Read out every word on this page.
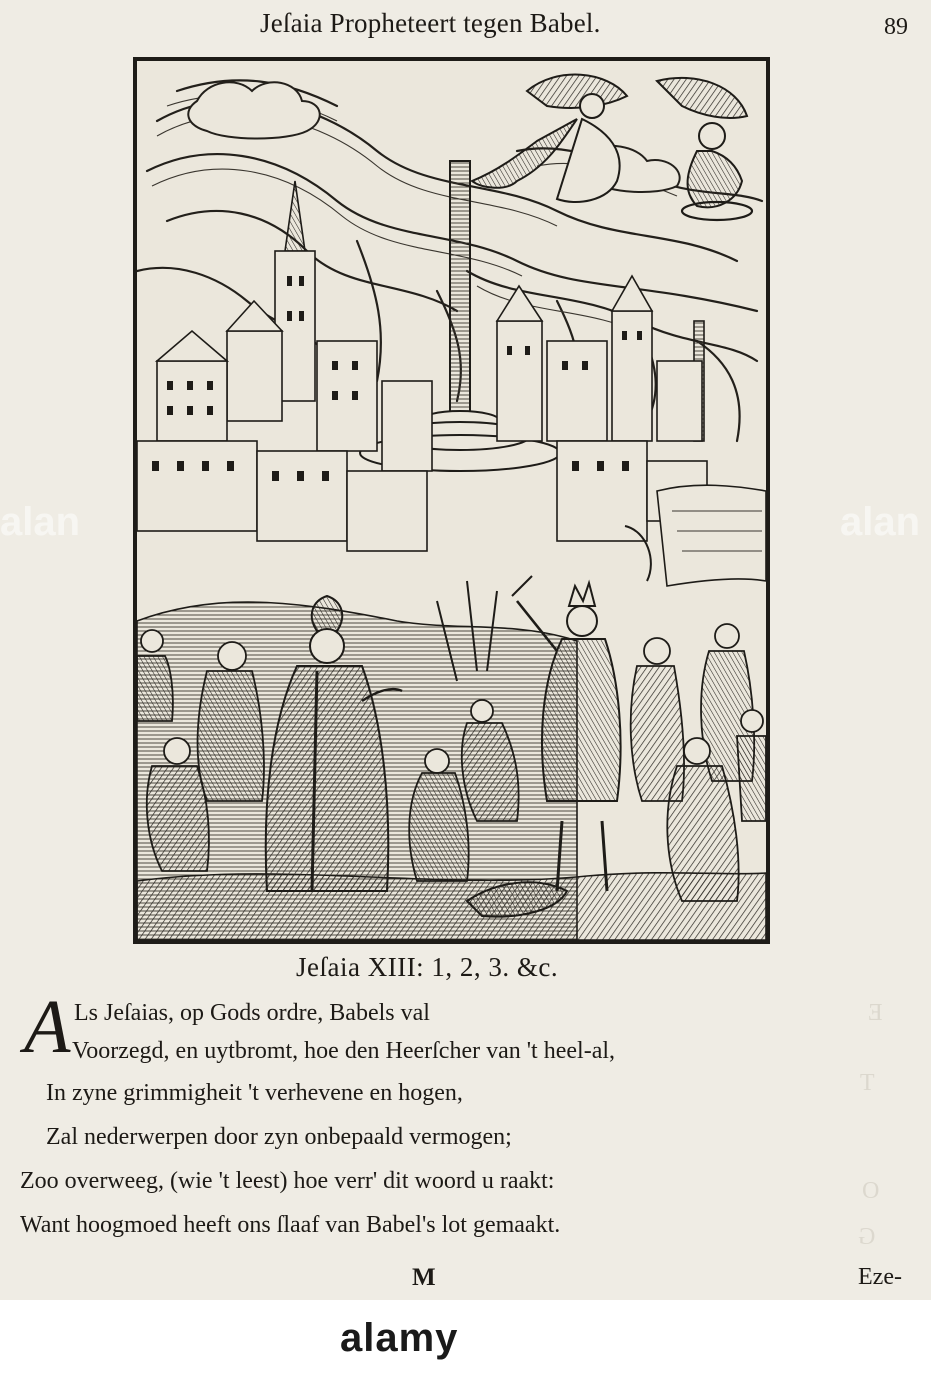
E
T
O
G
Jeſaia Propheteert tegen Babel.	89
Jeſaia XIII: 1, 2, 3. &c.
A Ls Jeſaias, op Gods ordre, Babels val
Voorzegd, en uytbromt, hoe den Heerſcher van 't heel-al,
In zyne grimmigheit 't verhevene en hogen,
Zal nederwerpen door zyn onbepaald vermogen;
Zoo overweeg, (wie 't leest) hoe verr' dit woord u raakt:
Want hoogmoed heeft ons ſlaaf van Babel's lot gemaakt.
M	Eze-
alan	alan
alamy
